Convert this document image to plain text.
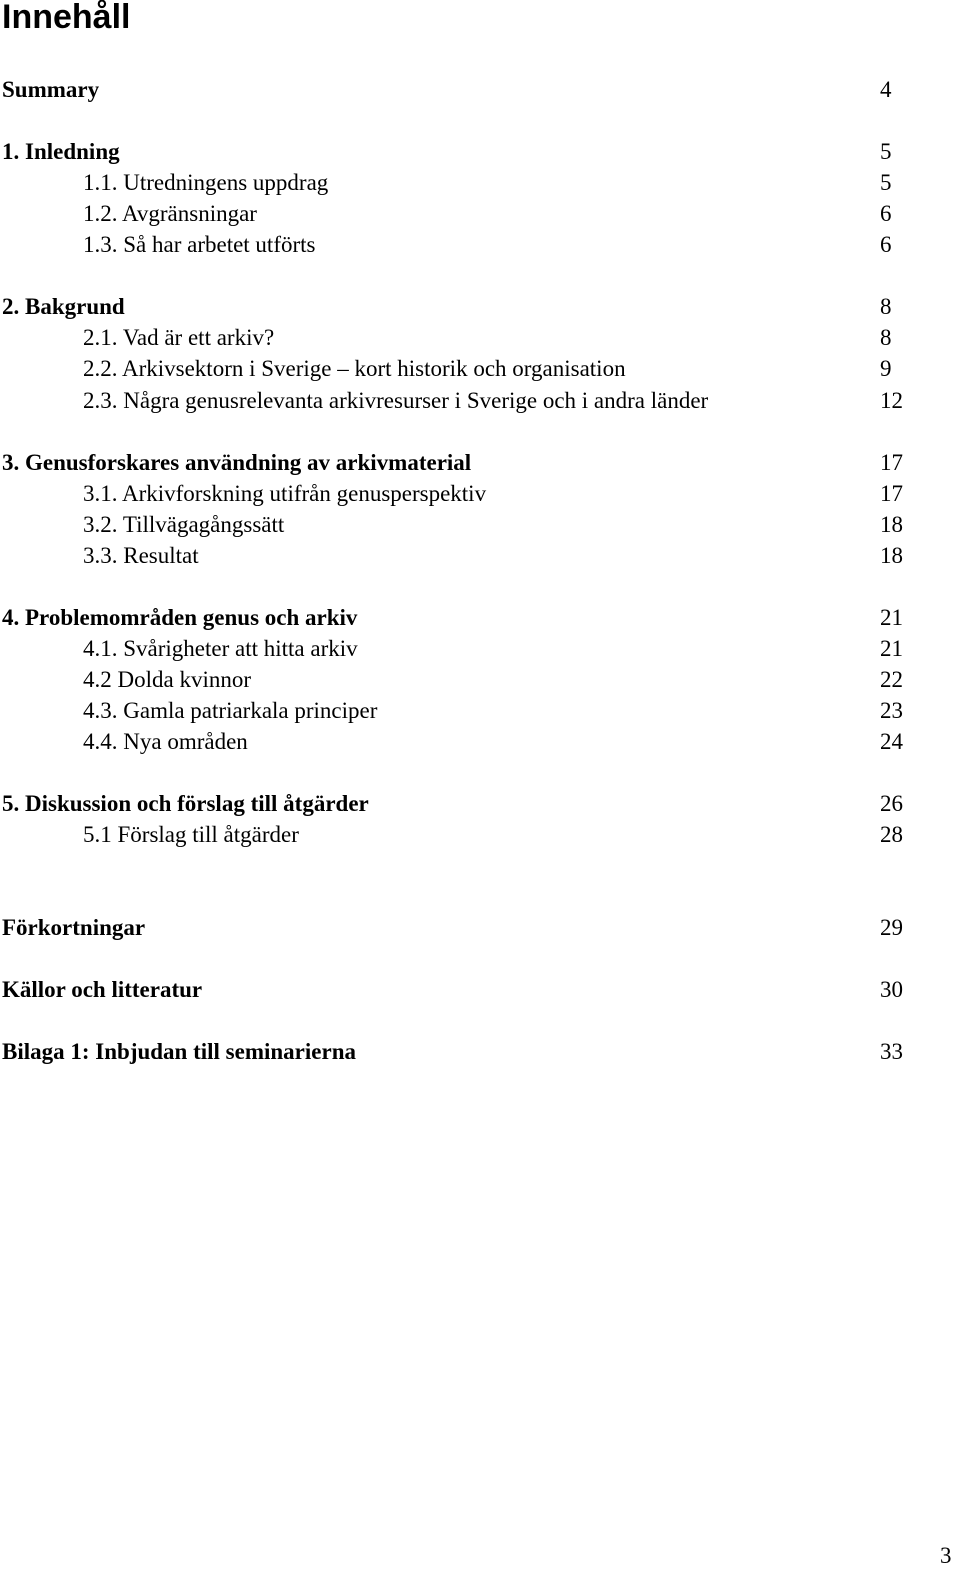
Innehåll
Summary	4
1. Inledning	5
1.1. Utredningens uppdrag	5
1.2. Avgränsningar	6
1.3. Så har arbetet utförts	6
2. Bakgrund	8
2.1. Vad är ett arkiv?	8
2.2. Arkivsektorn i Sverige – kort historik och organisation	9
2.3. Några genusrelevanta arkivresurser i Sverige och i andra länder	12
3. Genusforskares användning av arkivmaterial	17
3.1. Arkivforskning utifrån genusperspektiv	17
3.2. Tillvägagångssätt	18
3.3. Resultat	18
4. Problemområden genus och arkiv	21
4.1. Svårigheter att hitta arkiv	21
4.2 Dolda kvinnor	22
4.3. Gamla patriarkala principer	23
4.4. Nya områden	24
5. Diskussion och förslag till åtgärder	26
5.1 Förslag till åtgärder	28
Förkortningar	29
Källor och litteratur	30
Bilaga 1: Inbjudan till seminarierna	33
3
